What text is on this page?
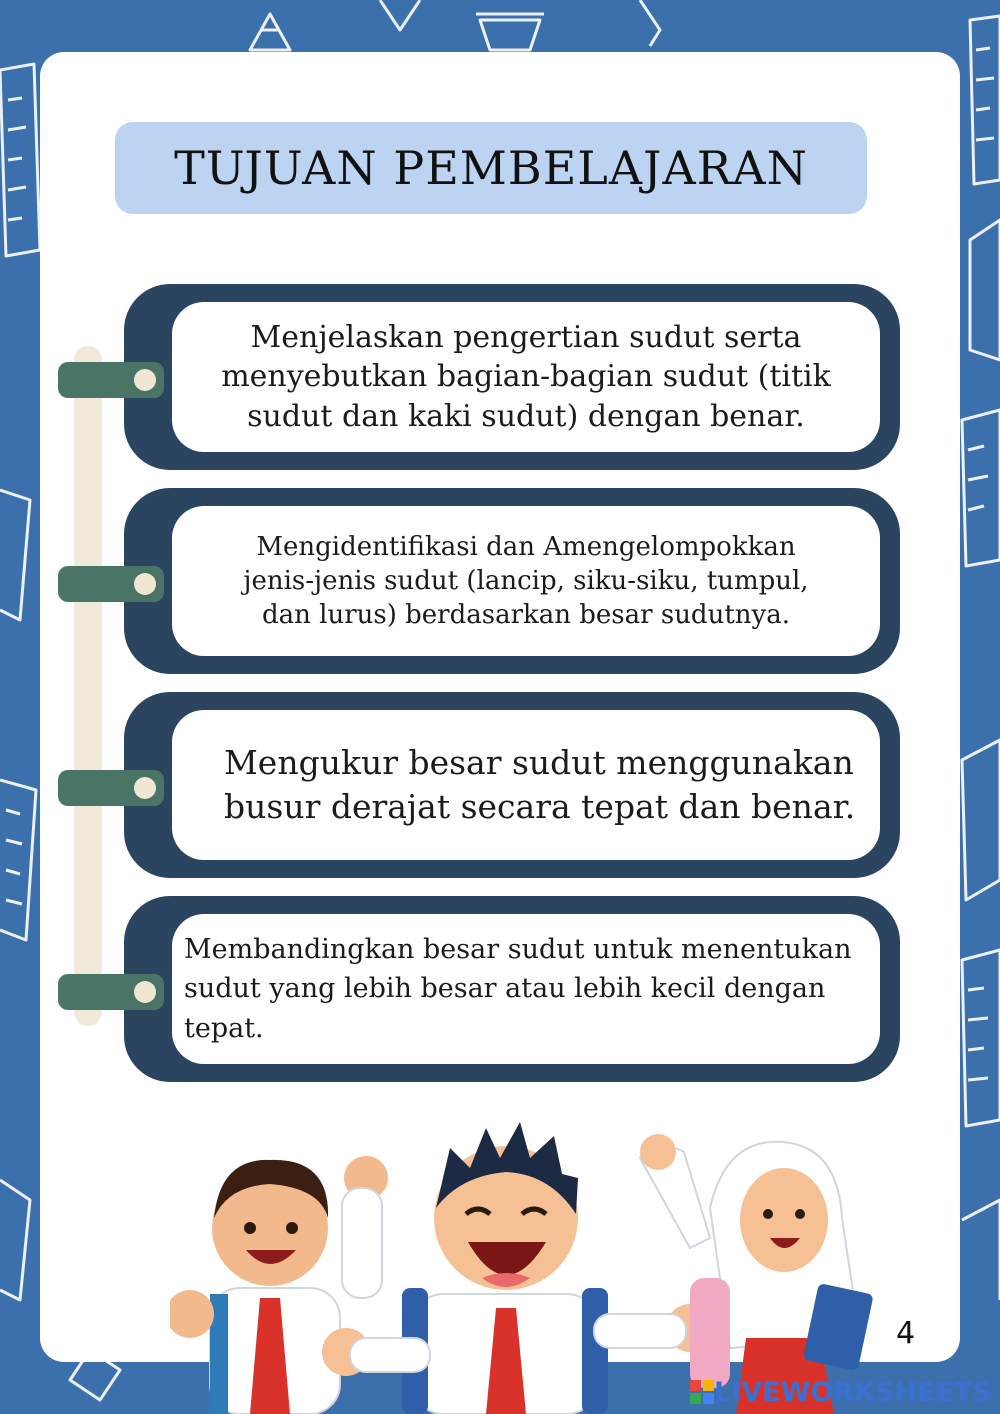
TUJUAN PEMBELAJARAN
Menjelaskan pengertian sudut serta menyebutkan bagian-bagian sudut (titik sudut dan kaki sudut) dengan benar.
Mengidentifikasi dan Amengelompokkan jenis-jenis sudut (lancip, siku-siku, tumpul, dan lurus) berdasarkan besar sudutnya.
Mengukur besar sudut menggunakan busur derajat secara tepat dan benar.
Membandingkan besar sudut untuk menentukan sudut yang lebih besar atau lebih kecil dengan tepat.
4
LIVEWORKSHEETS
